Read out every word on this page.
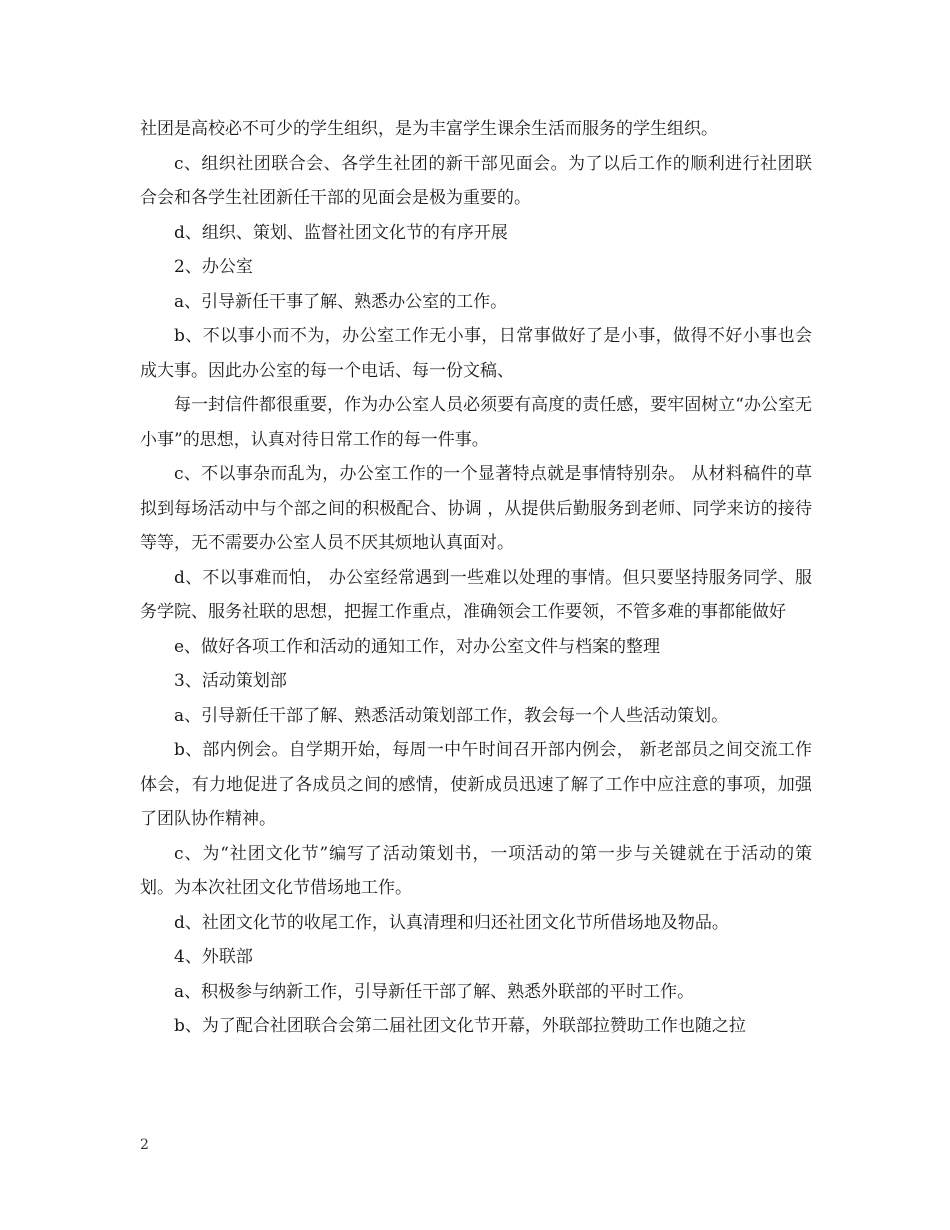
社团是高校必不可少的学生组织，是为丰富学生课余生活而服务的学生组织。

c、组织社团联合会、各学生社团的新干部见面会。为了以后工作的顺利进行社团联合会和各学生社团新任干部的见面会是极为重要的。

d、组织、策划、监督社团文化节的有序开展

2、办公室

a、引导新任干事了解、熟悉办公室的工作。

b、不以事小而不为，办公室工作无小事，日常事做好了是小事，做得不好小事也会成大事。因此办公室的每一个电话、每一份文稿、

每一封信件都很重要，作为办公室人员必须要有高度的责任感，要牢固树立“办公室无小事”的思想，认真对待日常工作的每一件事。

c、不以事杂而乱为，办公室工作的一个显著特点就是事情特别杂。 从材料稿件的草拟到每场活动中与个部之间的积极配合、协调 ，从提供后勤服务到老师、同学来访的接待等等，无不需要办公室人员不厌其烦地认真面对。

d、不以事难而怕， 办公室经常遇到一些难以处理的事情。但只要坚持服务同学、服务学院、服务社联的思想，把握工作重点，准确领会工作要领，不管多难的事都能做好

e、做好各项工作和活动的通知工作，对办公室文件与档案的整理

3、活动策划部

a、引导新任干部了解、熟悉活动策划部工作，教会每一个人些活动策划。

b、部内例会。自学期开始，每周一中午时间召开部内例会， 新老部员之间交流工作体会，有力地促进了各成员之间的感情，使新成员迅速了解了工作中应注意的事项，加强了团队协作精神。

c、为“社团文化节”编写了活动策划书，一项活动的第一步与关键就在于活动的策划。为本次社团文化节借场地工作。

d、社团文化节的收尾工作，认真清理和归还社团文化节所借场地及物品。

4、外联部

a、积极参与纳新工作，引导新任干部了解、熟悉外联部的平时工作。

b、为了配合社团联合会第二届社团文化节开幕，外联部拉赞助工作也随之拉

2
